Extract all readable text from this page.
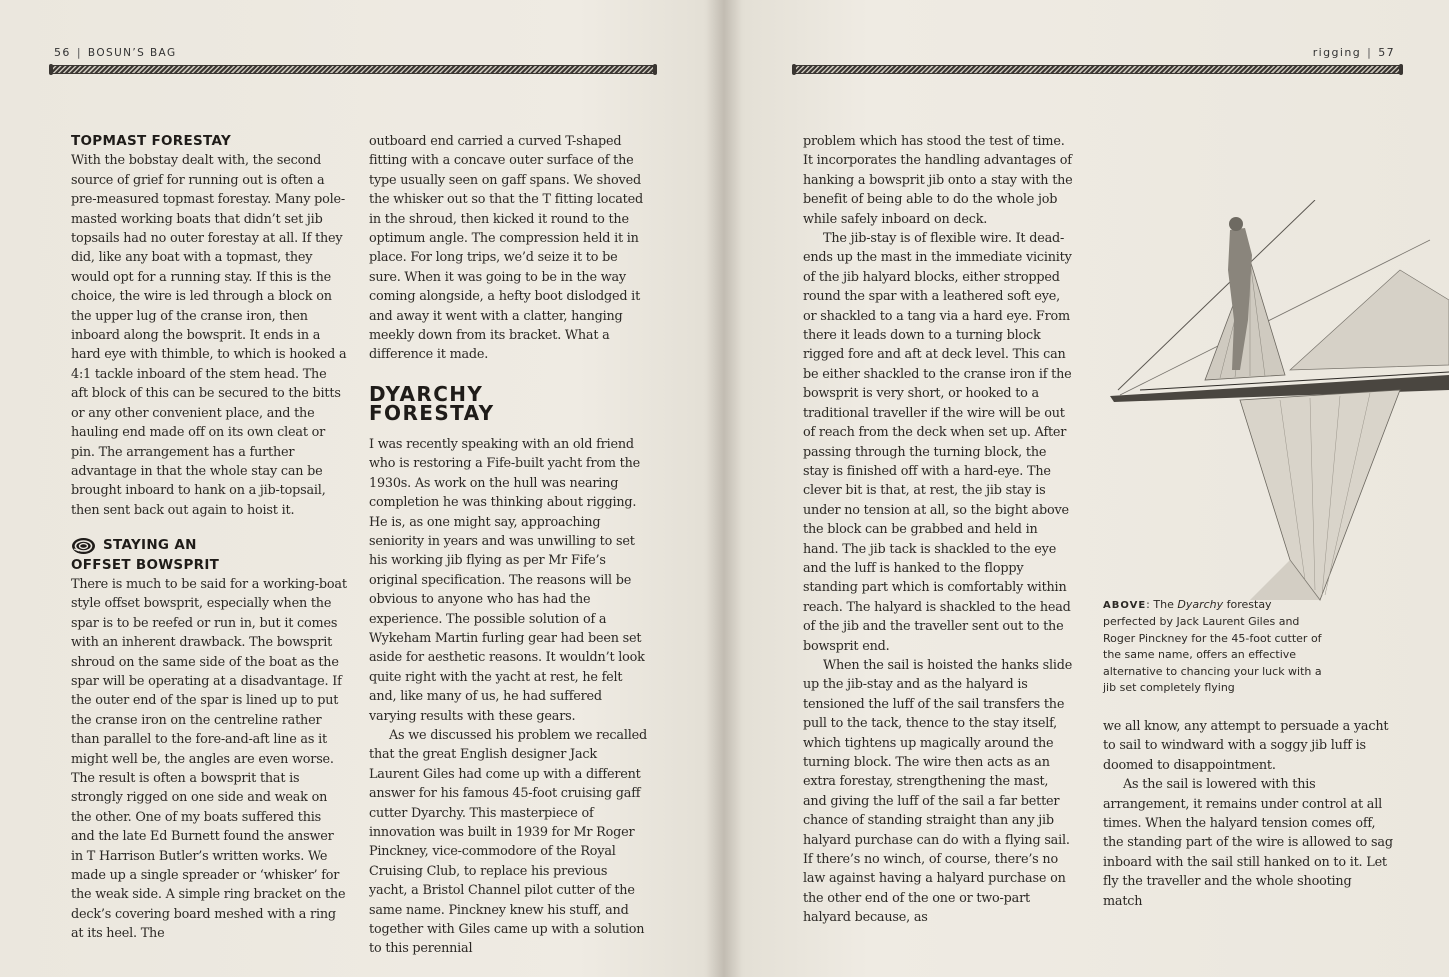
56 | BOSUN’S BAG	rigging | 57
TOPMAST FORESTAY

With the bobstay dealt with, the second source of grief for running out is often a pre-measured topmast forestay. Many pole-masted working boats that didn’t set jib topsails had no outer forestay at all. If they did, like any boat with a topmast, they would opt for a running stay. If this is the choice, the wire is led through a block on the upper lug of the cranse iron, then inboard along the bowsprit. It ends in a hard eye with thimble, to which is hooked a 4:1 tackle inboard of the stem head. The aft block of this can be secured to the bitts or any other convenient place, and the hauling end made off on its own cleat or pin. The arrangement has a further advantage in that the whole stay can be brought inboard to hank on a jib-topsail, then sent back out again to hoist it.

STAYING AN
OFFSET BOWSPRIT

There is much to be said for a working-boat style offset bowsprit, especially when the spar is to be reefed or run in, but it comes with an inherent drawback. The bowsprit shroud on the same side of the boat as the spar will be operating at a disadvantage. If the outer end of the spar is lined up to put the cranse iron on the centreline rather than parallel to the fore-and-aft line as it might well be, the angles are even worse. The result is often a bowsprit that is strongly rigged on one side and weak on the other. One of my boats suffered this and the late Ed Burnett found the answer in T Harrison Butler’s written works. We made up a single spreader or ‘whisker’ for the weak side. A simple ring bracket on the deck’s covering board meshed with a ring at its heel. The

outboard end carried a curved T-shaped fitting with a concave outer surface of the type usually seen on gaff spans. We shoved the whisker out so that the T fitting located in the shroud, then kicked it round to the optimum angle. The compression held it in place. For long trips, we’d seize it to be sure. When it was going to be in the way coming alongside, a hefty boot dislodged it and away it went with a clatter, hanging meekly down from its bracket. What a difference it made.

DYARCHY
FORESTAY

I was recently speaking with an old friend who is restoring a Fife-built yacht from the 1930s. As work on the hull was nearing completion he was thinking about rigging. He is, as one might say, approaching seniority in years and was unwilling to set his working jib flying as per Mr Fife’s original specification. The reasons will be obvious to anyone who has had the experience. The possible solution of a Wykeham Martin furling gear had been set aside for aesthetic reasons. It wouldn’t look quite right with the yacht at rest, he felt and, like many of us, he had suffered varying results with these gears.

As we discussed his problem we recalled that the great English designer Jack Laurent Giles had come up with a different answer for his famous 45-foot cruising gaff cutter Dyarchy. This masterpiece of innovation was built in 1939 for Mr Roger Pinckney, vice-commodore of the Royal Cruising Club, to replace his previous yacht, a Bristol Channel pilot cutter of the same name. Pinckney knew his stuff, and together with Giles came up with a solution to this perennial

problem which has stood the test of time. It incorporates the handling advantages of hanking a bowsprit jib onto a stay with the benefit of being able to do the whole job while safely inboard on deck.

The jib-stay is of flexible wire. It dead-ends up the mast in the immediate vicinity of the jib halyard blocks, either stropped round the spar with a leathered soft eye, or shackled to a tang via a hard eye. From there it leads down to a turning block rigged fore and aft at deck level. This can be either shackled to the cranse iron if the bowsprit is very short, or hooked to a traditional traveller if the wire will be out of reach from the deck when set up. After passing through the turning block, the stay is finished off with a hard-eye. The clever bit is that, at rest, the jib stay is under no tension at all, so the bight above the block can be grabbed and held in hand. The jib tack is shackled to the eye and the luff is hanked to the floppy standing part which is comfortably within reach. The halyard is shackled to the head of the jib and the traveller sent out to the bowsprit end.

When the sail is hoisted the hanks slide up the jib-stay and as the halyard is tensioned the luff of the sail transfers the pull to the tack, thence to the stay itself, which tightens up magically around the turning block. The wire then acts as an extra forestay, strengthening the mast, and giving the luff of the sail a far better chance of standing straight than any jib halyard purchase can do with a flying sail. If there’s no winch, of course, there’s no law against having a halyard purchase on the other end of the one or two-part halyard because, as

ABOVE: The Dyarchy forestay perfected by Jack Laurent Giles and Roger Pinckney for the 45-foot cutter of the same name, offers an effective alternative to chancing your luck with a jib set completely flying

we all know, any attempt to persuade a yacht to sail to windward with a soggy jib luff is doomed to disappointment.

As the sail is lowered with this arrangement, it remains under control at all times. When the halyard tension comes off, the standing part of the wire is allowed to sag inboard with the sail still hanked on to it. Let fly the traveller and the whole shooting match
